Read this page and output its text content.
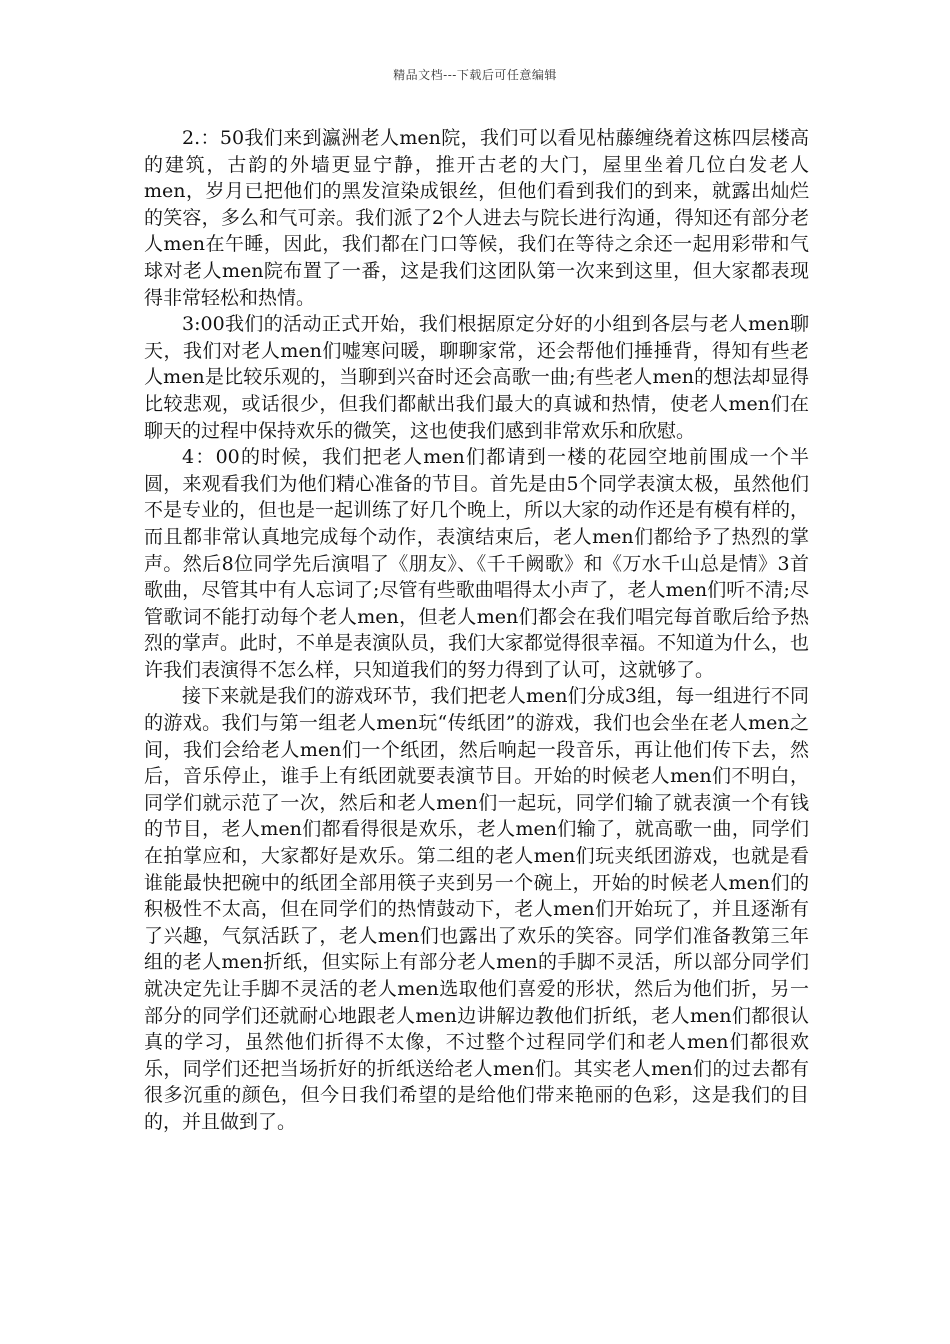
精品文档---下载后可任意编辑

2.：50我们来到瀛洲老人men院，我们可以看见枯藤缠绕着这栋四层楼高的建筑，古韵的外墙更显宁静，推开古老的大门，屋里坐着几位白发老人men，岁月已把他们的黑发渲染成银丝，但他们看到我们的到来，就露出灿烂的笑容，多么和气可亲。我们派了2个人进去与院长进行沟通，得知还有部分老人men在午睡，因此，我们都在门口等候，我们在等待之余还一起用彩带和气球对老人men院布置了一番，这是我们这团队第一次来到这里，但大家都表现得非常轻松和热情。

3:00我们的活动正式开始，我们根据原定分好的小组到各层与老人men聊天，我们对老人men们嘘寒问暖，聊聊家常，还会帮他们捶捶背，得知有些老人men是比较乐观的，当聊到兴奋时还会高歌一曲;有些老人men的想法却显得比较悲观，或话很少，但我们都献出我们最大的真诚和热情，使老人men们在聊天的过程中保持欢乐的微笑，这也使我们感到非常欢乐和欣慰。

4：00的时候，我们把老人men们都请到一楼的花园空地前围成一个半圆，来观看我们为他们精心准备的节目。首先是由5个同学表演太极，虽然他们不是专业的，但也是一起训练了好几个晚上，所以大家的动作还是有模有样的，而且都非常认真地完成每个动作，表演结束后，老人men们都给予了热烈的掌声。然后8位同学先后演唱了《朋友》、《千千阙歌》和《万水千山总是情》3首歌曲，尽管其中有人忘词了;尽管有些歌曲唱得太小声了，老人men们听不清;尽管歌词不能打动每个老人men，但老人men们都会在我们唱完每首歌后给予热烈的掌声。此时，不单是表演队员，我们大家都觉得很幸福。不知道为什么，也许我们表演得不怎么样，只知道我们的努力得到了认可，这就够了。

接下来就是我们的游戏环节，我们把老人men们分成3组，每一组进行不同的游戏。我们与第一组老人men玩“传纸团”的游戏，我们也会坐在老人men之间，我们会给老人men们一个纸团，然后响起一段音乐，再让他们传下去，然后，音乐停止，谁手上有纸团就要表演节目。开始的时候老人men们不明白，同学们就示范了一次，然后和老人men们一起玩，同学们输了就表演一个有钱的节目，老人men们都看得很是欢乐，老人men们输了，就高歌一曲，同学们在拍掌应和，大家都好是欢乐。第二组的老人men们玩夹纸团游戏，也就是看谁能最快把碗中的纸团全部用筷子夹到另一个碗上，开始的时候老人men们的积极性不太高，但在同学们的热情鼓动下，老人men们开始玩了，并且逐渐有了兴趣，气氛活跃了，老人men们也露出了欢乐的笑容。同学们准备教第三年组的老人men折纸，但实际上有部分老人men的手脚不灵活，所以部分同学们就决定先让手脚不灵活的老人men选取他们喜爱的形状，然后为他们折，另一部分的同学们还就耐心地跟老人men边讲解边教他们折纸，老人men们都很认真的学习，虽然他们折得不太像，不过整个过程同学们和老人men们都很欢乐，同学们还把当场折好的折纸送给老人men们。其实老人men们的过去都有很多沉重的颜色，但今日我们希望的是给他们带来艳丽的色彩，这是我们的目的，并且做到了。
